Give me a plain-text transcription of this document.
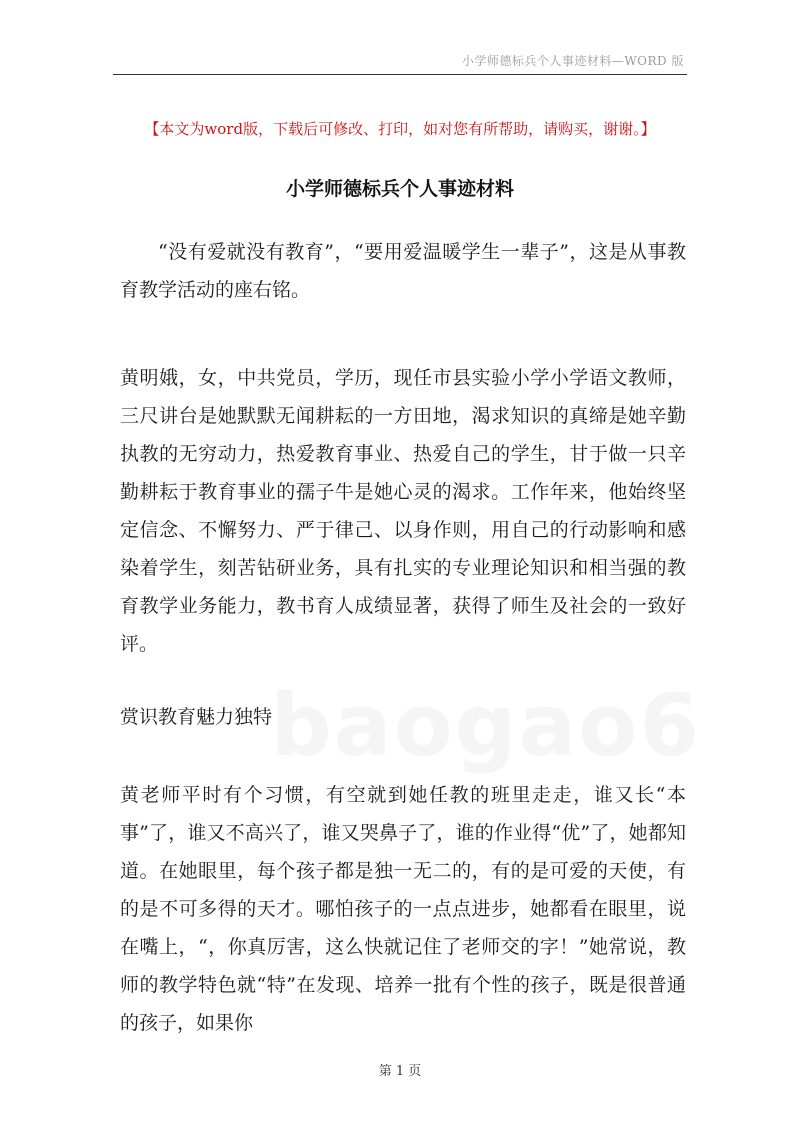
小学师德标兵个人事迹材料—WORD 版
【本文为word版，下载后可修改、打印，如对您有所帮助，请购买，谢谢。】
小学师德标兵个人事迹材料

“没有爱就没有教育”，“要用爱温暖学生一辈子”，这是从事教育教学活动的座右铭。

黄明娥，女，中共党员，学历，现任市县实验小学小学语文教师，三尺讲台是她默默无闻耕耘的一方田地，渴求知识的真缔是她辛勤执教的无穷动力，热爱教育事业、热爱自己的学生，甘于做一只辛勤耕耘于教育事业的孺子牛是她心灵的渴求。工作年来，他始终坚定信念、不懈努力、严于律己、以身作则，用自己的行动影响和感染着学生，刻苦钻研业务，具有扎实的专业理论知识和相当强的教育教学业务能力，教书育人成绩显著，获得了师生及社会的一致好评。

baogao6

赏识教育魅力独特

黄老师平时有个习惯，有空就到她任教的班里走走，谁又长“本事”了，谁又不高兴了，谁又哭鼻子了，谁的作业得“优”了，她都知道。在她眼里，每个孩子都是独一无二的，有的是可爱的天使，有的是不可多得的天才。哪怕孩子的一点点进步，她都看在眼里，说在嘴上，“，你真厉害，这么快就记住了老师交的字！”她常说，教师的教学特色就“特”在发现、培养一批有个性的孩子，既是很普通的孩子，如果你

第 1 页
